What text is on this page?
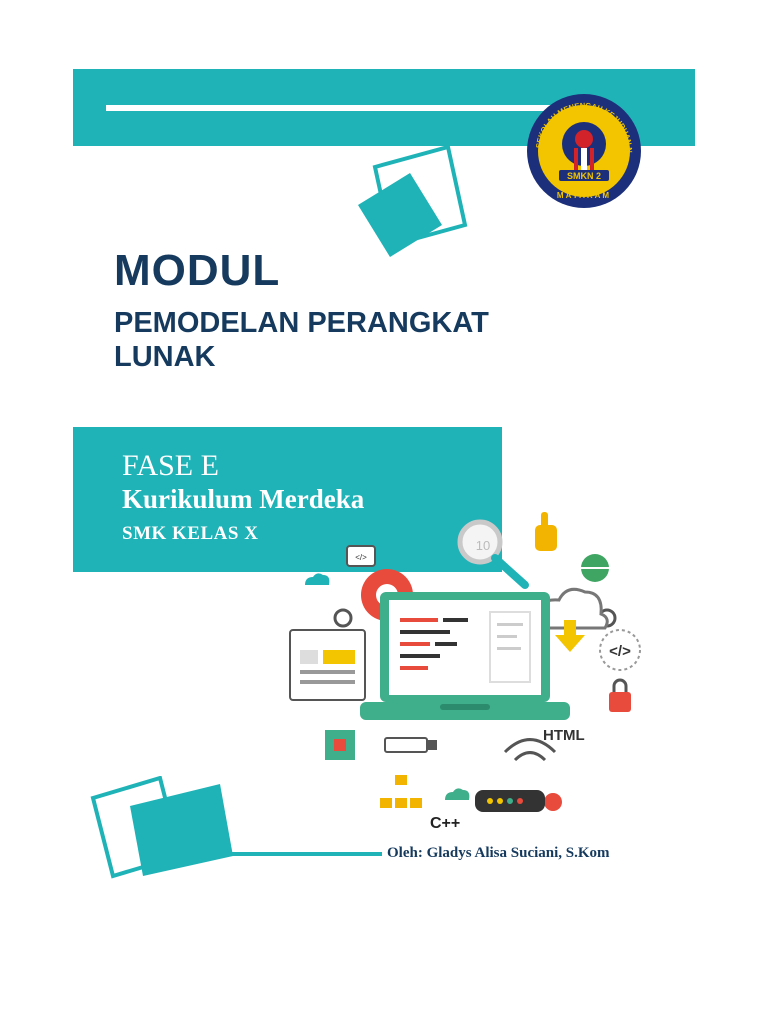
SEKOLAH MENENGAH KEJURUAN N
SMKN 2
MATARAM
MODUL
PEMODELAN PERANGKAT LUNAK
FASE E
Kurikulum Merdeka
SMK KELAS X
</>
10
</>
HTML
C++
Oleh: Gladys Alisa Suciani, S.Kom
